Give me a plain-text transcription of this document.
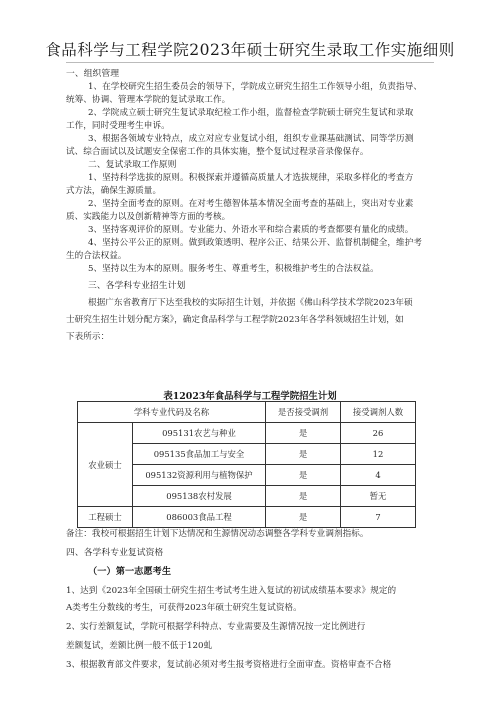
食品科学与工程学院2023年硕士研究生录取工作实施细则
一、组织管理
1、在学校研究生招生委员会的领导下，学院成立研究生招生工作领导小组，负责指导、
统筹、协调、管理本学院的复试录取工作。
2、学院成立硕士研究生复试录取纪检工作小组，监督检查学院硕士研究生复试和录取
工作，同时受理考生申诉。
3、根据各领域专业特点，成立对应专业复试小组，组织专业课基础测试、同等学历测
试、综合面试以及试题安全保密工作的具体实施，整个复试过程录音录像保存。
二、复试录取工作原则
1、坚持科学选拔的原则。积极探索并遵循高质量人才选拔规律，采取多样化的考查方
式方法，确保生源质量。
2、坚持全面考查的原则。在对考生德智体基本情况全面考查的基础上，突出对专业素
质、实践能力以及创新精神等方面的考核。
3、坚持客观评价的原则。专业能力、外语水平和综合素质的考查都要有量化的成绩。
4、坚持公平公正的原则。做到政策透明、程序公正、结果公开、监督机制健全，维护考
生的合法权益。
5、坚持以生为本的原则。服务考生、尊重考生，积极维护考生的合法权益。
三、各学科专业招生计划
根据广东省教育厅下达至我校的实际招生计划，并依据《佛山科学技术学院2023年硕
士研究生招生计划分配方案》，确定食品科学与工程学院2023年各学科领域招生计划，如
下表所示：
表12023年食品科学与工程学院招生计划
学科专业代码及名称		是否接受调剂	接受调剂人数
农业硕士	095131农艺与种业	是	26
	095135食品加工与安全	是	12
	095132资源利用与植物保护	是	4
	095138农村发展	是	暂无
工程硕士	086003食品工程	是	7
备注：我校可根据招生计划下达情况和生源情况动态调整各学科专业调剂指标。
四、各学科专业复试资格
（一）第一志愿考生
1、达到《2023年全国硕士研究生招生考试考生进入复试的初试成绩基本要求》规定的
A类考生分数线的考生，可获得2023年硕士研究生复试资格。
2、实行差额复试，学院可根据学科特点、专业需要及生源情况按一定比例进行
差额复试，差额比例一般不低于120虬
3、根据教育部文件要求，复试前必须对考生报考资格进行全面审查。资格审查不合格
